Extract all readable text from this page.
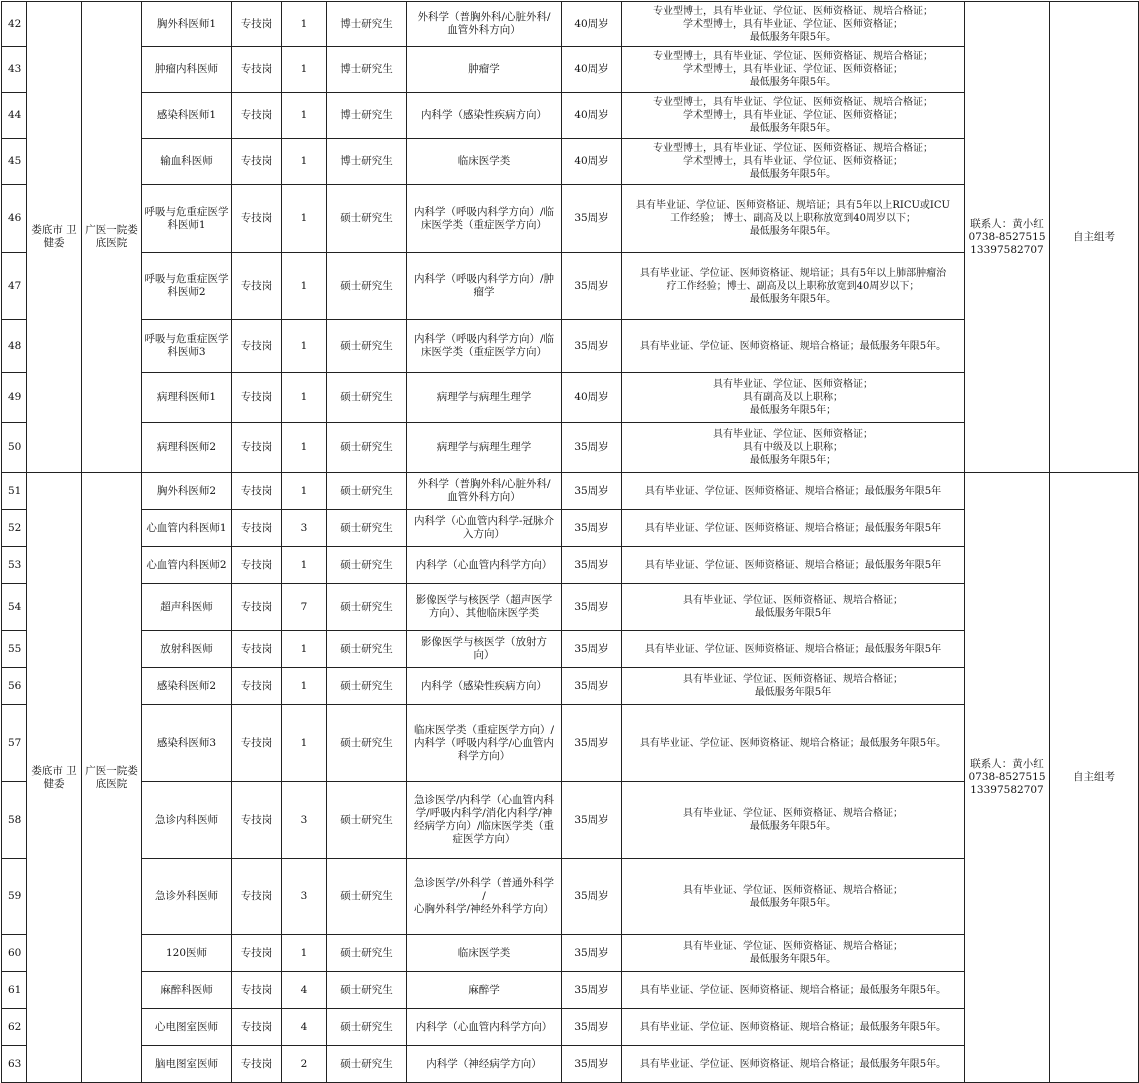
42	娄底市 卫
健委	广医一院娄
底医院	胸外科医师1	专技岗	1	博士研究生	外科学（普胸外科/心脏外科/
血管外科方向）	40周岁	专业型博士，具有毕业证、学位证、医师资格证、规培合格证；
学术型博士，具有毕业证、学位证、医师资格证；
最低服务年限5年。	联系人：黄小红
0738-8527515
13397582707	自主组考
43			肿瘤内科医师	专技岗	1	博士研究生	肿瘤学	40周岁	专业型博士，具有毕业证、学位证、医师资格证、规培合格证；
学术型博士，具有毕业证、学位证、医师资格证；
最低服务年限5年。		
44			感染科医师1	专技岗	1	博士研究生	内科学（感染性疾病方向）	40周岁	专业型博士，具有毕业证、学位证、医师资格证、规培合格证；
学术型博士，具有毕业证、学位证、医师资格证；
最低服务年限5年。		
45			输血科医师	专技岗	1	博士研究生	临床医学类	40周岁	专业型博士，具有毕业证、学位证、医师资格证、规培合格证；
学术型博士，具有毕业证、学位证、医师资格证；
最低服务年限5年。		
46			呼吸与危重症医学
科医师1	专技岗	1	硕士研究生	内科学（呼吸内科学方向）/临
床医学类（重症医学方向）	35周岁	具有毕业证、学位证、医师资格证、规培证；具有5年以上RICU或ICU
工作经验； 博士、副高及以上职称放宽到40周岁以下；
最低服务年限5年。		
47			呼吸与危重症医学
科医师2	专技岗	1	硕士研究生	内科学（呼吸内科学方向）/肿
瘤学	35周岁	具有毕业证、学位证、医师资格证、规培证；具有5年以上肺部肿瘤治
疗工作经验；博士、副高及以上职称放宽到40周岁以下；
最低服务年限5年。		
48			呼吸与危重症医学
科医师3	专技岗	1	硕士研究生	内科学（呼吸内科学方向）/临
床医学类（重症医学方向）	35周岁	具有毕业证、学位证、医师资格证、规培合格证；最低服务年限5年。		
49			病理科医师1	专技岗	1	硕士研究生	病理学与病理生理学	40周岁	具有毕业证、学位证、医师资格证；
具有副高及以上职称；
最低服务年限5年；		
50			病理科医师2	专技岗	1	硕士研究生	病理学与病理生理学	35周岁	具有毕业证、学位证、医师资格证；
具有中级及以上职称；
最低服务年限5年；		
51	娄底市 卫
健委	广医一院娄
底医院	胸外科医师2	专技岗	1	硕士研究生	外科学（普胸外科/心脏外科/
血管外科方向）	35周岁	具有毕业证、学位证、医师资格证、规培合格证；最低服务年限5年	联系人：黄小红
0738-8527515
13397582707	自主组考
52			心血管内科医师1	专技岗	3	硕士研究生	内科学（心血管内科学-冠脉介
入方向）	35周岁	具有毕业证、学位证、医师资格证、规培合格证；最低服务年限5年		
53			心血管内科医师2	专技岗	1	硕士研究生	内科学（心血管内科学方向）	35周岁	具有毕业证、学位证、医师资格证、规培合格证；最低服务年限5年		
54			超声科医师	专技岗	7	硕士研究生	影像医学与核医学（超声医学
方向）、其他临床医学类	35周岁	具有毕业证、学位证、医师资格证、规培合格证；
最低服务年限5年		
55			放射科医师	专技岗	1	硕士研究生	影像医学与核医学（放射方
向）	35周岁	具有毕业证、学位证、医师资格证、规培合格证；最低服务年限5年		
56			感染科医师2	专技岗	1	硕士研究生	内科学（感染性疾病方向）	35周岁	具有毕业证、学位证、医师资格证、规培合格证；
最低服务年限5年		
57			感染科医师3	专技岗	1	硕士研究生	临床医学类（重症医学方向）/
内科学（呼吸内科学/心血管内
科学方向）	35周岁	具有毕业证、学位证、医师资格证、规培合格证；最低服务年限5年。		
58			急诊内科医师	专技岗	3	硕士研究生	急诊医学/内科学（心血管内科
学/呼吸内科学/消化内科学/神
经病学方向）/临床医学类（重
症医学方向）	35周岁	具有毕业证、学位证、医师资格证、规培合格证；
最低服务年限5年。		
59			急诊外科医师	专技岗	3	硕士研究生	急诊医学/外科学（普通外科学
/
心胸外科学/神经外科学方向）	35周岁	具有毕业证、学位证、医师资格证、规培合格证；
最低服务年限5年。		
60			120医师	专技岗	1	硕士研究生	临床医学类	35周岁	具有毕业证、学位证、医师资格证、规培合格证；
最低服务年限5年。		
61			麻醉科医师	专技岗	4	硕士研究生	麻醉学	35周岁	具有毕业证、学位证、医师资格证、规培合格证；最低服务年限5年。		
62			心电图室医师	专技岗	4	硕士研究生	内科学（心血管内科学方向）	35周岁	具有毕业证、学位证、医师资格证、规培合格证；最低服务年限5年。		
63			脑电图室医师	专技岗	2	硕士研究生	内科学（神经病学方向）	35周岁	具有毕业证、学位证、医师资格证、规培合格证；最低服务年限5年。		
